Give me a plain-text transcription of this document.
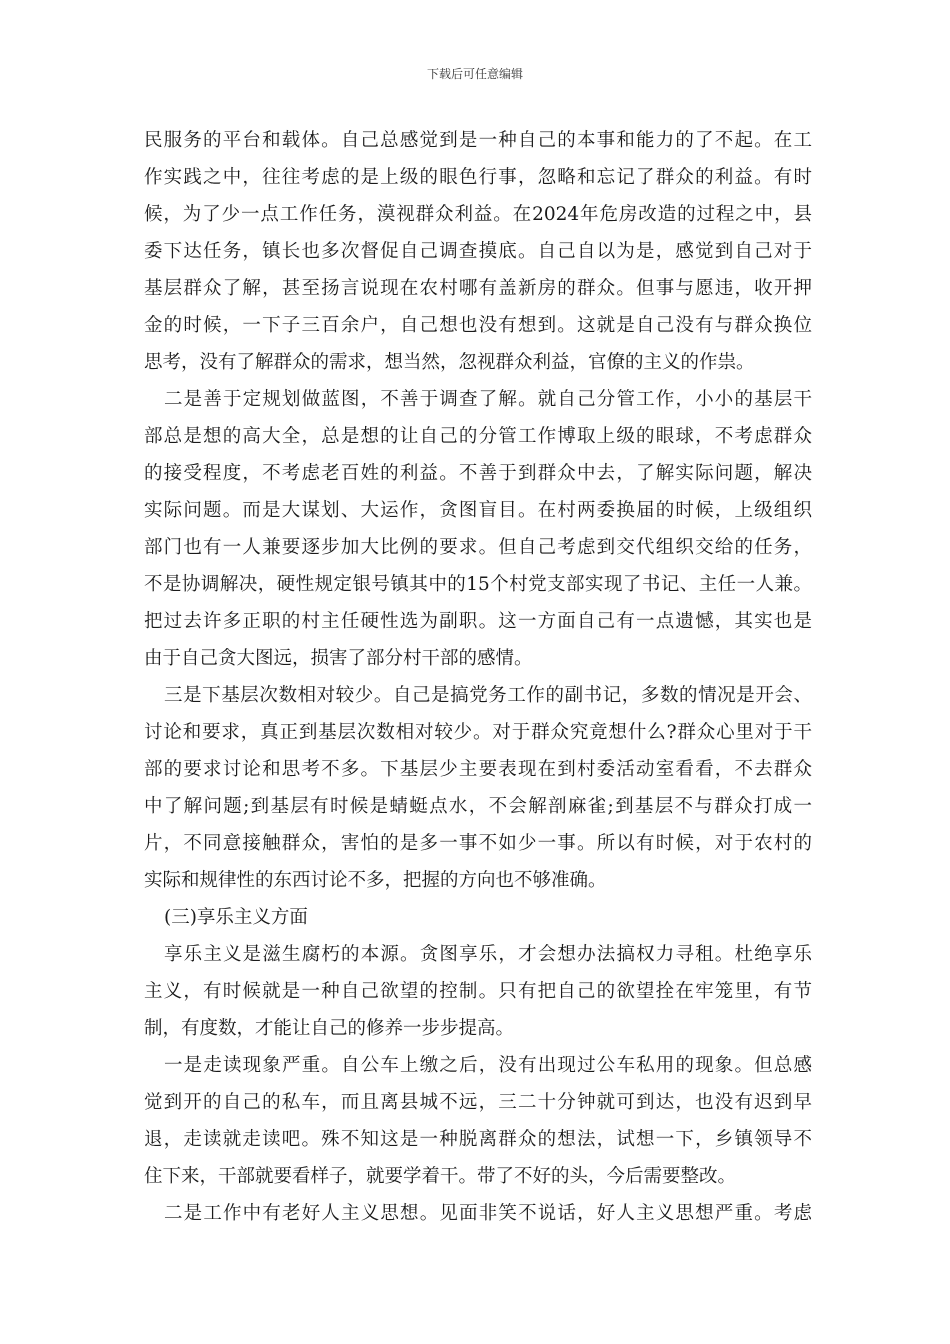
下载后可任意编辑
民服务的平台和载体。自己总感觉到是一种自己的本事和能力的了不起。在工
作实践之中，往往考虑的是上级的眼色行事，忽略和忘记了群众的利益。有时
候，为了少一点工作任务，漠视群众利益。在2024年危房改造的过程之中，县
委下达任务，镇长也多次督促自己调查摸底。自己自以为是，感觉到自己对于
基层群众了解，甚至扬言说现在农村哪有盖新房的群众。但事与愿违，收开押
金的时候，一下子三百余户，自己想也没有想到。这就是自己没有与群众换位
思考，没有了解群众的需求，想当然，忽视群众利益，官僚的主义的作祟。
二是善于定规划做蓝图，不善于调查了解。就自己分管工作，小小的基层干
部总是想的高大全，总是想的让自己的分管工作博取上级的眼球，不考虑群众
的接受程度，不考虑老百姓的利益。不善于到群众中去，了解实际问题，解决
实际问题。而是大谋划、大运作，贪图盲目。在村两委换届的时候，上级组织
部门也有一人兼要逐步加大比例的要求。但自己考虑到交代组织交给的任务，
不是协调解决，硬性规定银号镇其中的15个村党支部实现了书记、主任一人兼。
把过去许多正职的村主任硬性选为副职。这一方面自己有一点遗憾，其实也是
由于自己贪大图远，损害了部分村干部的感情。
三是下基层次数相对较少。自己是搞党务工作的副书记，多数的情况是开会、
讨论和要求，真正到基层次数相对较少。对于群众究竟想什么?群众心里对于干
部的要求讨论和思考不多。下基层少主要表现在到村委活动室看看，不去群众
中了解问题;到基层有时候是蜻蜓点水，不会解剖麻雀;到基层不与群众打成一
片，不同意接触群众，害怕的是多一事不如少一事。所以有时候，对于农村的
实际和规律性的东西讨论不多，把握的方向也不够准确。
(三)享乐主义方面
享乐主义是滋生腐朽的本源。贪图享乐，才会想办法搞权力寻租。杜绝享乐
主义，有时候就是一种自己欲望的控制。只有把自己的欲望拴在牢笼里，有节
制，有度数，才能让自己的修养一步步提高。
一是走读现象严重。自公车上缴之后，没有出现过公车私用的现象。但总感
觉到开的自己的私车，而且离县城不远，三二十分钟就可到达，也没有迟到早
退，走读就走读吧。殊不知这是一种脱离群众的想法，试想一下，乡镇领导不
住下来，干部就要看样子，就要学着干。带了不好的头，今后需要整改。
二是工作中有老好人主义思想。见面非笑不说话，好人主义思想严重。考虑
